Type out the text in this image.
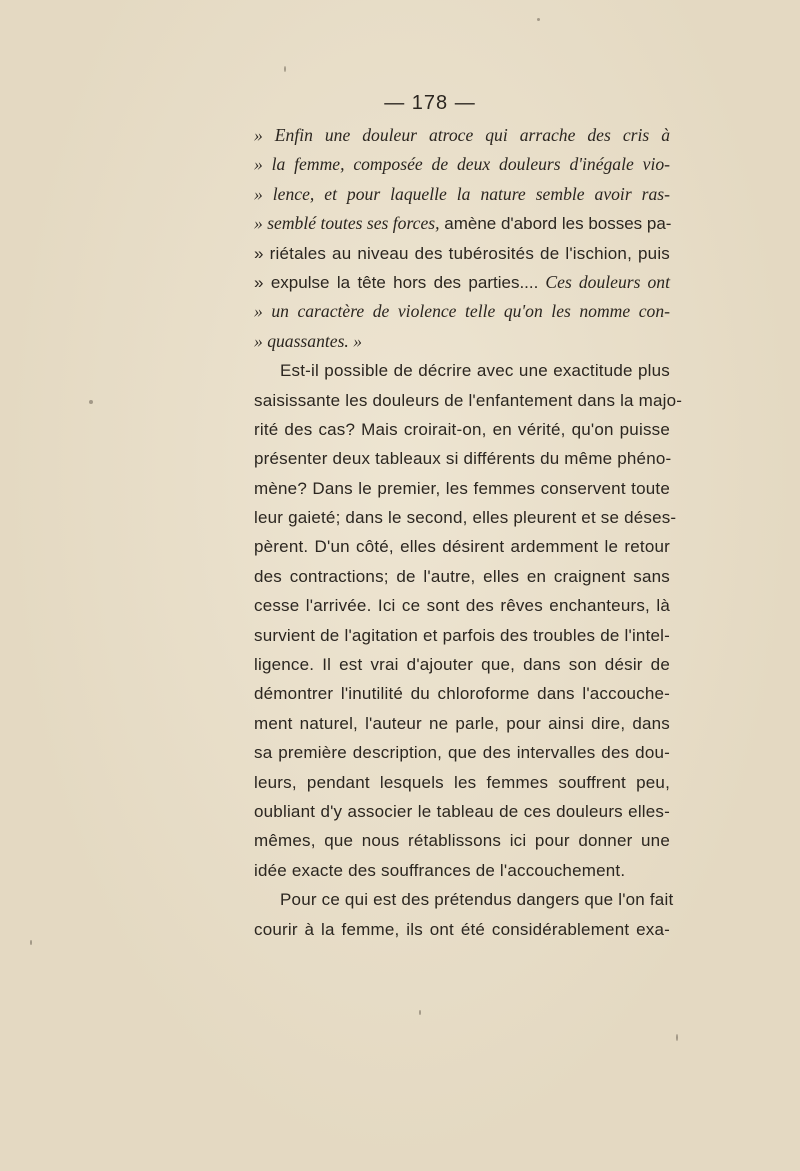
— 178 —
» Enfin une douleur atroce qui arrache des cris à
» la femme, composée de deux douleurs d'inégale vio-
» lence, et pour laquelle la nature semble avoir ras-
» semblé toutes ses forces, amène d'abord les bosses pa-
» riétales au niveau des tubérosités de l'ischion, puis
» expulse la tête hors des parties.... Ces douleurs ont
» un caractère de violence telle qu'on les nomme con-
» quassantes. »
Est-il possible de décrire avec une exactitude plus
saisissante les douleurs de l'enfantement dans la majo-
rité des cas? Mais croirait-on, en vérité, qu'on puisse
présenter deux tableaux si différents du même phéno-
mène? Dans le premier, les femmes conservent toute
leur gaieté; dans le second, elles pleurent et se déses-
pèrent. D'un côté, elles désirent ardemment le retour
des contractions; de l'autre, elles en craignent sans
cesse l'arrivée. Ici ce sont des rêves enchanteurs, là
survient de l'agitation et parfois des troubles de l'intel-
ligence. Il est vrai d'ajouter que, dans son désir de
démontrer l'inutilité du chloroforme dans l'accouche-
ment naturel, l'auteur ne parle, pour ainsi dire, dans
sa première description, que des intervalles des dou-
leurs, pendant lesquels les femmes souffrent peu,
oubliant d'y associer le tableau de ces douleurs elles-
mêmes, que nous rétablissons ici pour donner une
idée exacte des souffrances de l'accouchement.
Pour ce qui est des prétendus dangers que l'on fait
courir à la femme, ils ont été considérablement exa-
